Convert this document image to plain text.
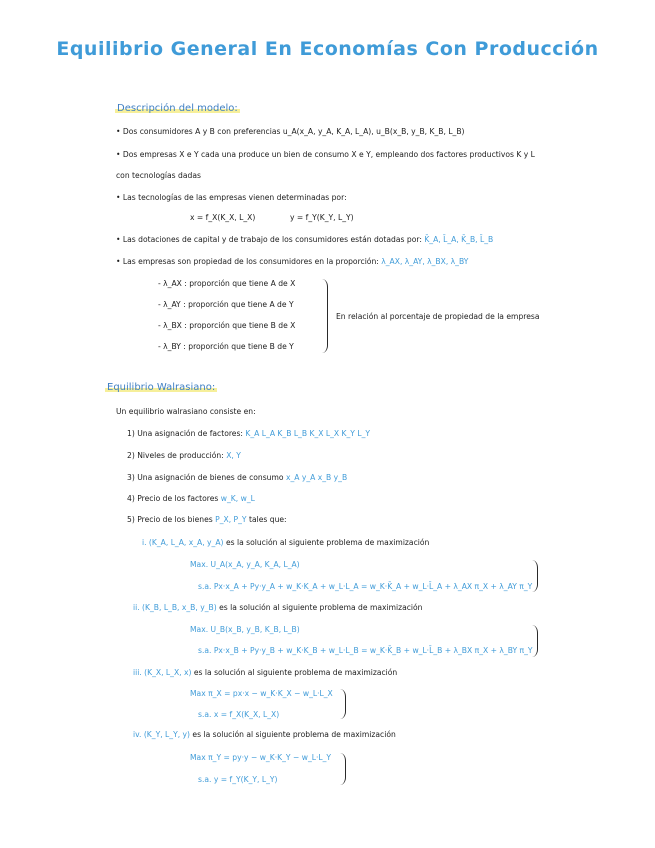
Equilibrio General En Economías Con Producción
Descripción del modelo:
• Dos consumidores A y B con preferencias u_A(x_A, y_A, K_A, L_A), u_B(x_B, y_B, K_B, L_B)
• Dos empresas X e Y cada una produce un bien de consumo X e Y, empleando dos factores productivos K y L
con tecnologías dadas
• Las tecnologías de las empresas vienen determinadas por:
x = f_X(K_X, L_X)	y = f_Y(K_Y, L_Y)
• Las dotaciones de capital y de trabajo de los consumidores están dotadas por: K̄_A, L̄_A, K̄_B, L̄_B
• Las empresas son propiedad de los consumidores en la proporción: λ_AX, λ_AY, λ_BX, λ_BY
- λ_AX : proporción que tiene A de X
- λ_AY : proporción que tiene A de Y
- λ_BX : proporción que tiene B de X
- λ_BY : proporción que tiene B de Y
En relación al porcentaje de propiedad de la empresa
Equilibrio Walrasiano:
Un equilibrio walrasiano consiste en:
1) Una asignación de factores: K_A L_A K_B L_B K_X L_X K_Y L_Y
2) Niveles de producción: X, Y
3) Una asignación de bienes de consumo x_A y_A x_B y_B
4) Precio de los factores w_K, w_L
5) Precio de los bienes P_X, P_Y tales que:
i. (K_A, L_A, x_A, y_A) es la solución al siguiente problema de maximización
Max. U_A(x_A, y_A, K_A, L_A)
s.a. Px·x_A + Py·y_A + w_K·K_A + w_L·L_A = w_K·K̄_A + w_L·L̄_A + λ_AX π_X + λ_AY π_Y
ii. (K_B, L_B, x_B, y_B) es la solución al siguiente problema de maximización
Max. U_B(x_B, y_B, K_B, L_B)
s.a. Px·x_B + Py·y_B + w_K·K_B + w_L·L_B = w_K·K̄_B + w_L·L̄_B + λ_BX π_X + λ_BY π_Y
iii. (K_X, L_X, x) es la solución al siguiente problema de maximización
Max π_X = px·x − w_K·K_X − w_L·L_X
s.a. x = f_X(K_X, L_X)
iv. (K_Y, L_Y, y) es la solución al siguiente problema de maximización
Max π_Y = py·y − w_K·K_Y − w_L·L_Y
s.a. y = f_Y(K_Y, L_Y)
